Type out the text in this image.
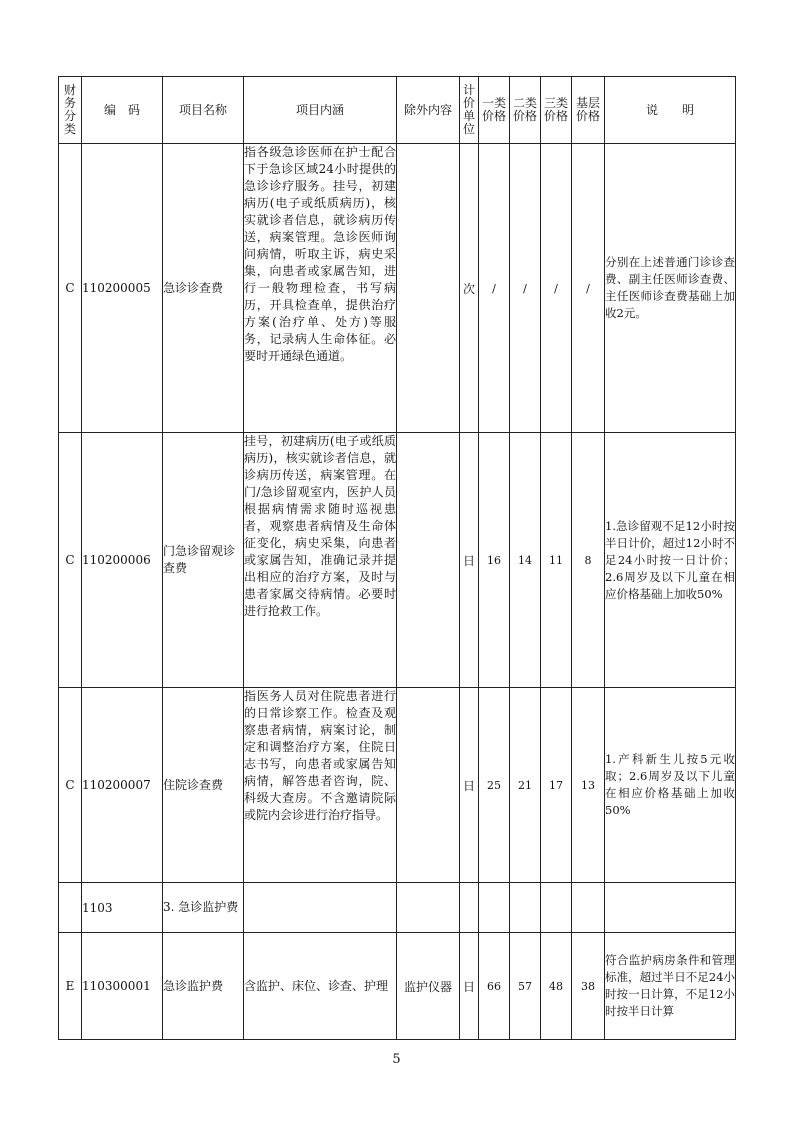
财务分类	编　码	项目名称	项目内涵	除外内容	计价单位	一类价格	二类价格	三类价格	基层价格	说　　明
C	110200005	急诊诊查费	指各级急诊医师在护士配合下于急诊区域24小时提供的急诊诊疗服务。挂号，初建病历(电子或纸质病历)，核实就诊者信息，就诊病历传送，病案管理。急诊医师询问病情，听取主诉，病史采集，向患者或家属告知，进行一般物理检查，书写病历，开具检查单，提供治疗方案(治疗单、处方)等服务，记录病人生命体征。必要时开通绿色通道。		次	/	/	/	/	分别在上述普通门诊诊查费、副主任医师诊查费、主任医师诊查费基础上加收2元。
C	110200006	门急诊留观诊查费	挂号，初建病历(电子或纸质病历)，核实就诊者信息，就诊病历传送，病案管理。在门/急诊留观室内，医护人员根据病情需求随时巡视患者，观察患者病情及生命体征变化，病史采集，向患者或家属告知，准确记录并提出相应的治疗方案，及时与患者家属交待病情。必要时进行抢救工作。		日	16	14	11	8	1.急诊留观不足12小时按半日计价，超过12小时不足24小时按一日计价；2.6周岁及以下儿童在相应价格基础上加收50%
C	110200007	住院诊查费	指医务人员对住院患者进行的日常诊察工作。检查及观察患者病情，病案讨论，制定和调整治疗方案，住院日志书写，向患者或家属告知病情，解答患者咨询，院、科级大查房。不含邀请院际或院内会诊进行治疗指导。		日	25	21	17	13	1.产科新生儿按5元收取；2.6周岁及以下儿童在相应价格基础上加收50%
	1103	3. 急诊监护费								
E	110300001	急诊监护费	含监护、床位、诊查、护理	监护仪器	日	66	57	48	38	符合监护病房条件和管理标准，超过半日不足24小时按一日计算，不足12小时按半日计算
5
